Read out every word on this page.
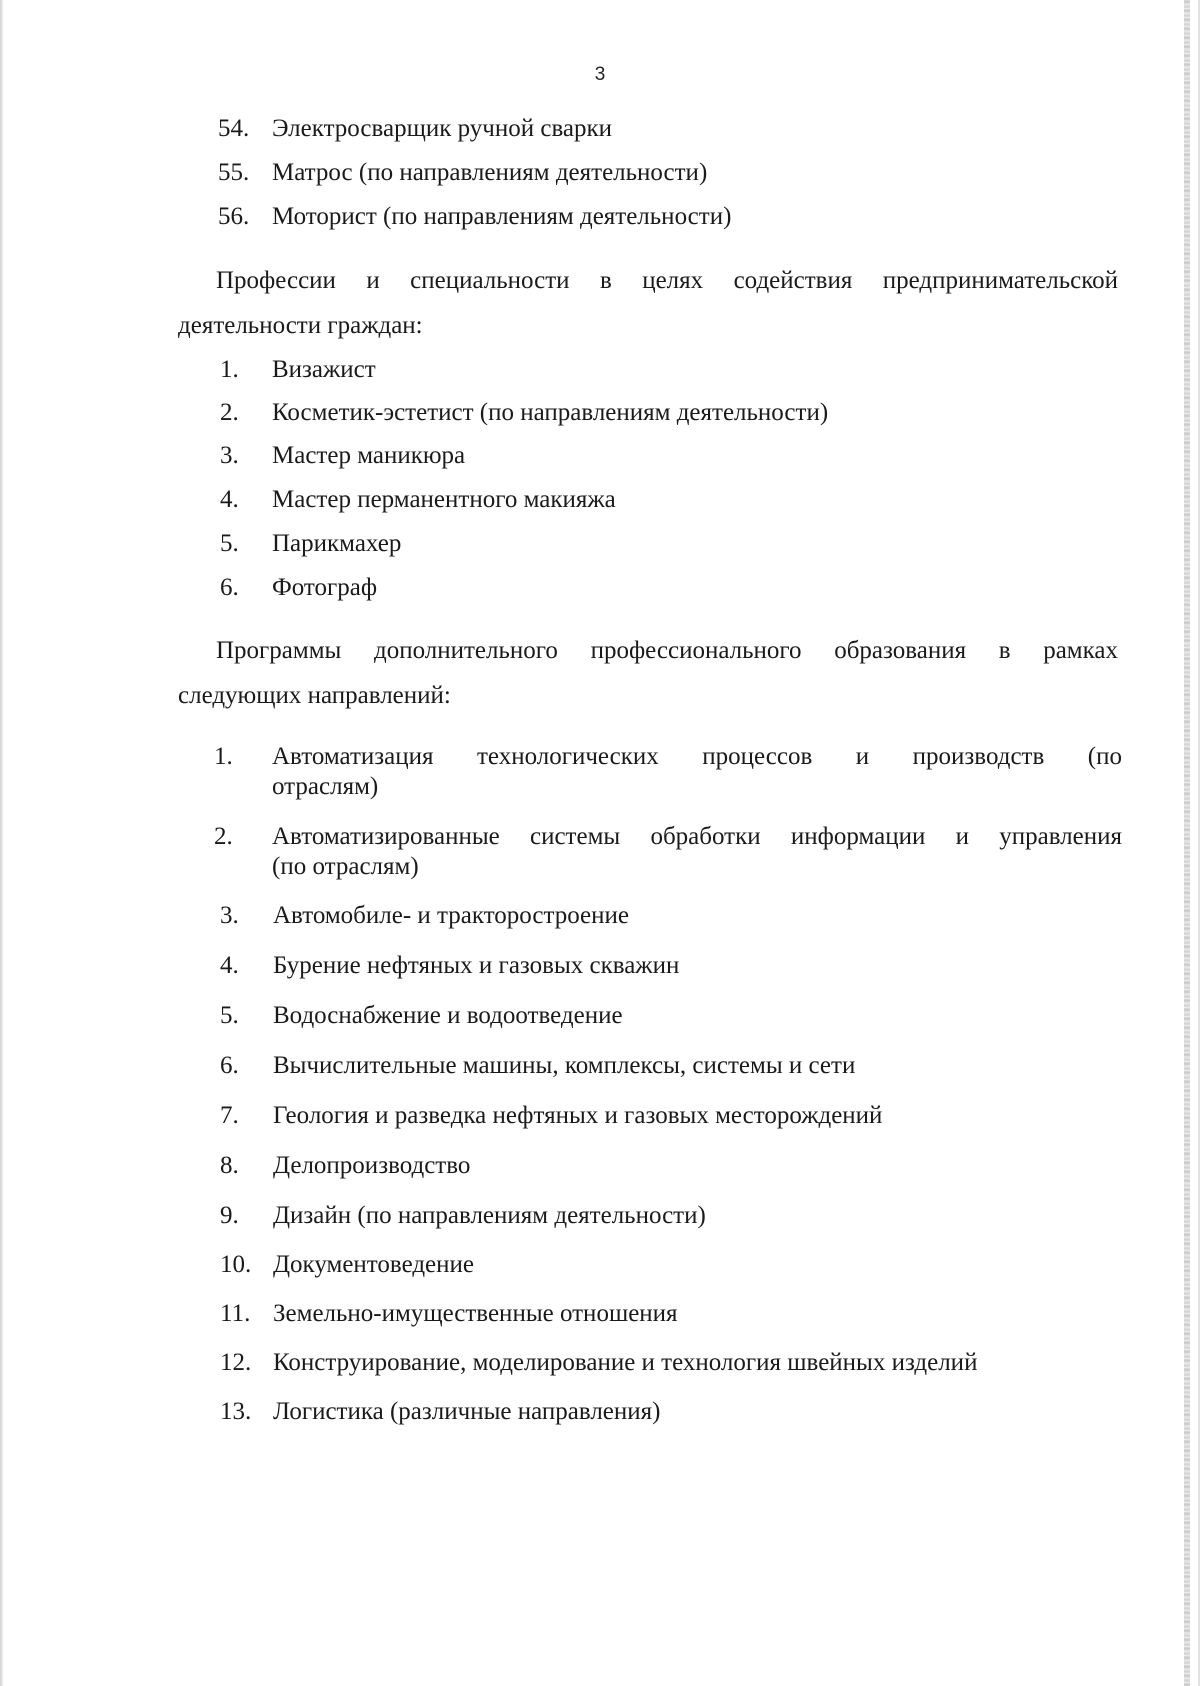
3
54. Электросварщик ручной сварки
55. Матрос (по направлениям деятельности)
56. Моторист (по направлениям деятельности)
Профессии и специальности в целях содействия предпринимательской
деятельности граждан:
1. Визажист
2. Косметик-эстетист (по направлениям деятельности)
3. Мастер маникюра
4. Мастер перманентного макияжа
5. Парикмахер
6. Фотограф
Программы дополнительного профессионального образования в рамках
следующих направлений:
1. Автоматизация технологических процессов и производств (по
отраслям)
2. Автоматизированные системы обработки информации и управления
(по отраслям)
3. Автомобиле- и тракторостроение
4. Бурение нефтяных и газовых скважин
5. Водоснабжение и водоотведение
6. Вычислительные машины, комплексы, системы и сети
7. Геология и разведка нефтяных и газовых месторождений
8. Делопроизводство
9. Дизайн (по направлениям деятельности)
10. Документоведение
11. Земельно-имущественные отношения
12. Конструирование, моделирование и технология швейных изделий
13. Логистика (различные направления)
